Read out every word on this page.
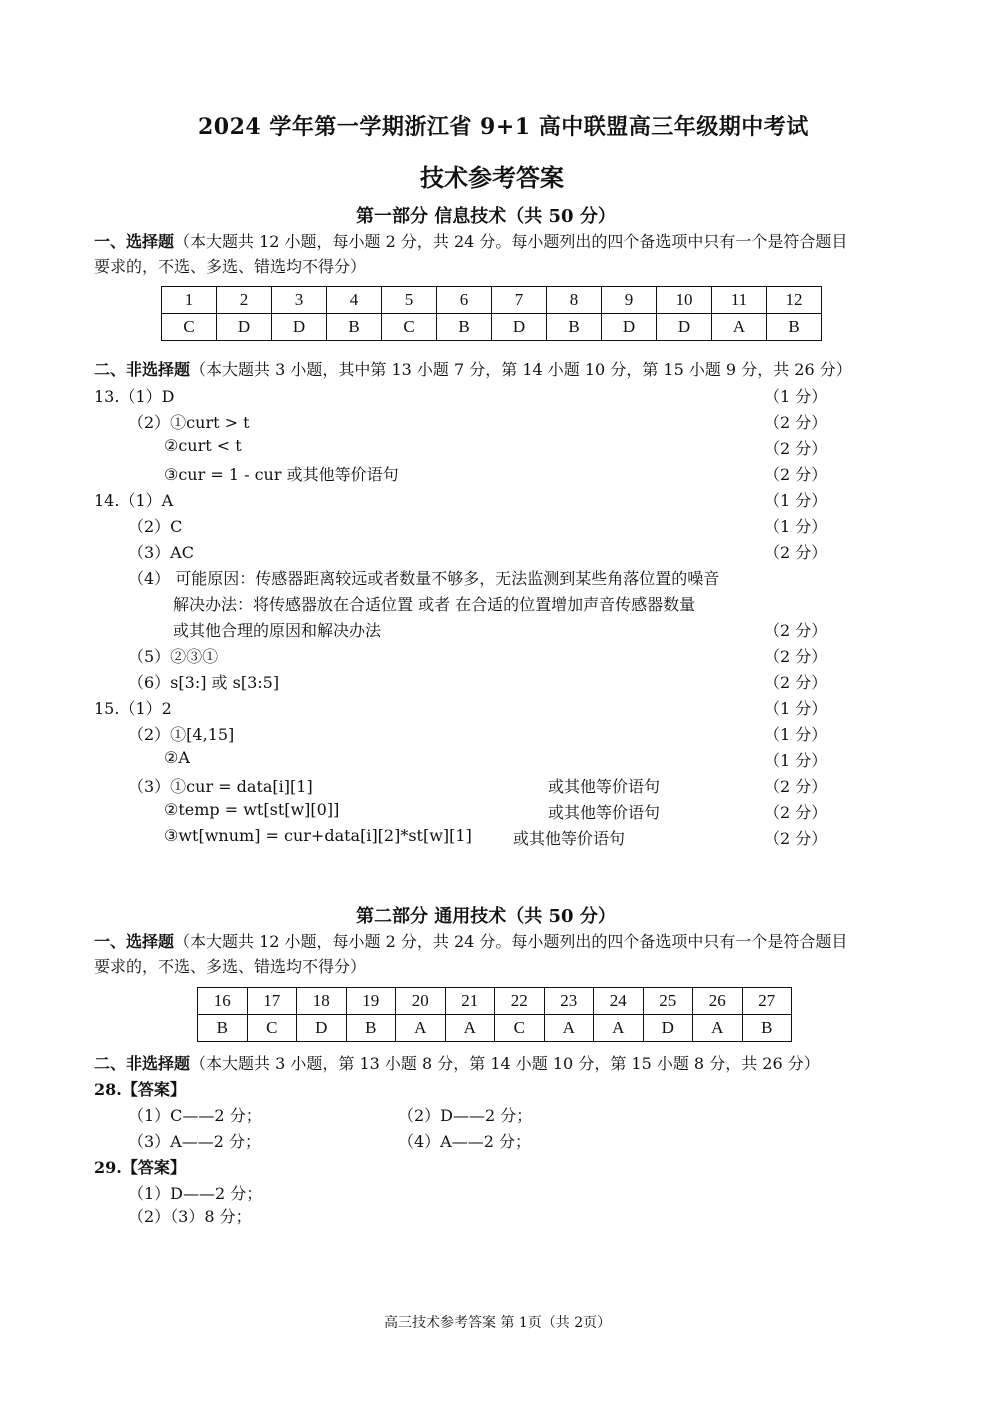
2024 学年第一学期浙江省 9+1 高中联盟高三年级期中考试
技术参考答案
第一部分 信息技术（共 50 分）
一、选择题（本大题共 12 小题，每小题 2 分，共 24 分。每小题列出的四个备选项中只有一个是符合题目
要求的，不选、多选、错选均不得分）
1	2	3	4	5	6	7	8	9	10	11	12
C	D	D	B	C	B	D	B	D	D	A	B
二、非选择题（本大题共 3 小题，其中第 13 小题 7 分，第 14 小题 10 分，第 15 小题 9 分，共 26 分）
13.（1）D	（1 分）
（2）①curt > t	（2 分）
②curt < t	（2 分）
③cur = 1 - cur 或其他等价语句	（2 分）
14.（1）A	（1 分）
（2）C	（1 分）
（3）AC	（2 分）
（4） 可能原因：传感器距离较远或者数量不够多，无法监测到某些角落位置的噪音
解决办法：将传感器放在合适位置 或者 在合适的位置增加声音传感器数量
或其他合理的原因和解决办法	（2 分）
（5）②③①	（2 分）
（6）s[3:] 或 s[3:5]	（2 分）
15.（1）2	（1 分）
（2）①[4,15]	（1 分）
②A	（1 分）
（3）①cur = data[i][1]	或其他等价语句	（2 分）
②temp = wt[st[w][0]]	或其他等价语句	（2 分）
③wt[wnum] = cur+data[i][2]*st[w][1]	或其他等价语句	（2 分）
第二部分 通用技术（共 50 分）
一、选择题（本大题共 12 小题，每小题 2 分，共 24 分。每小题列出的四个备选项中只有一个是符合题目
要求的，不选、多选、错选均不得分）
16	17	18	19	20	21	22	23	24	25	26	27
B	C	D	B	A	A	C	A	A	D	A	B
二、非选择题（本大题共 3 小题，第 13 小题 8 分，第 14 小题 10 分，第 15 小题 8 分，共 26 分）
28.【答案】
（1）C——2 分；	（2）D——2 分；
（3）A——2 分；	（4）A——2 分；
29.【答案】
（1）D——2 分；
（2）（3）8 分；
高三技术参考答案 第 1页（共 2页）
